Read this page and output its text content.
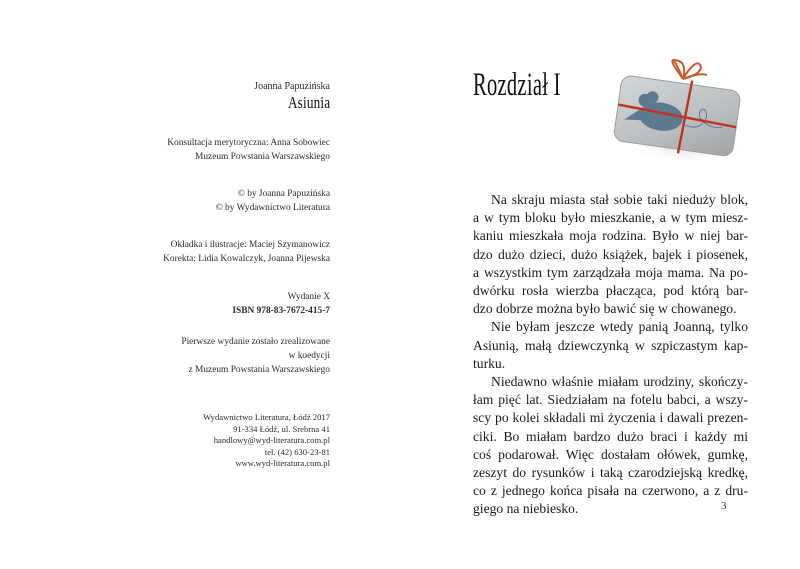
Joanna Papuzińska
Asiunia
Konsultacja merytoryczna: Anna Sobowiec
Muzeum Powstania Warszawskiego
© by Joanna Papuzińska
© by Wydawnictwo Literatura
Okładka i ilustracje: Maciej Szymanowicz
Korekta: Lidia Kowalczyk, Joanna Pijewska
Wydanie X
ISBN 978-83-7672-415-7
Pierwsze wydanie zostało zrealizowane
w koedycji
z Muzeum Powstania Warszawskiego
Wydawnictwo Literatura, Łódź 2017
91-334 Łódź, ul. Srebrna 41
handlowy@wyd-literatura.com.pl
tel. (42) 630-23-81
www.wyd-literatura.com.pl
Rozdział I
Na skraju miasta stał sobie taki nieduży blok,
a w tym bloku było mieszkanie, a w tym miesz-
kaniu mieszkała moja rodzina. Było w niej bar-
dzo dużo dzieci, dużo książek, bajek i piosenek,
a wszystkim tym zarządzała moja mama. Na po-
dwórku rosła wierzba płacząca, pod którą bar-
dzo dobrze można było bawić się w chowanego.
Nie byłam jeszcze wtedy panią Joanną, tylko
Asiunią, małą dziewczynką w szpiczastym kap-
turku.
Niedawno właśnie miałam urodziny, skończy-
łam pięć lat. Siedziałam na fotelu babci, a wszy-
scy po kolei składali mi życzenia i dawali prezen-
ciki. Bo miałam bardzo dużo braci i każdy mi
coś podarował. Więc dostałam ołówek, gumkę,
zeszyt do rysunków i taką czarodziejską kredkę,
co z jednego końca pisała na czerwono, a z dru-
giego na niebiesko.	3
